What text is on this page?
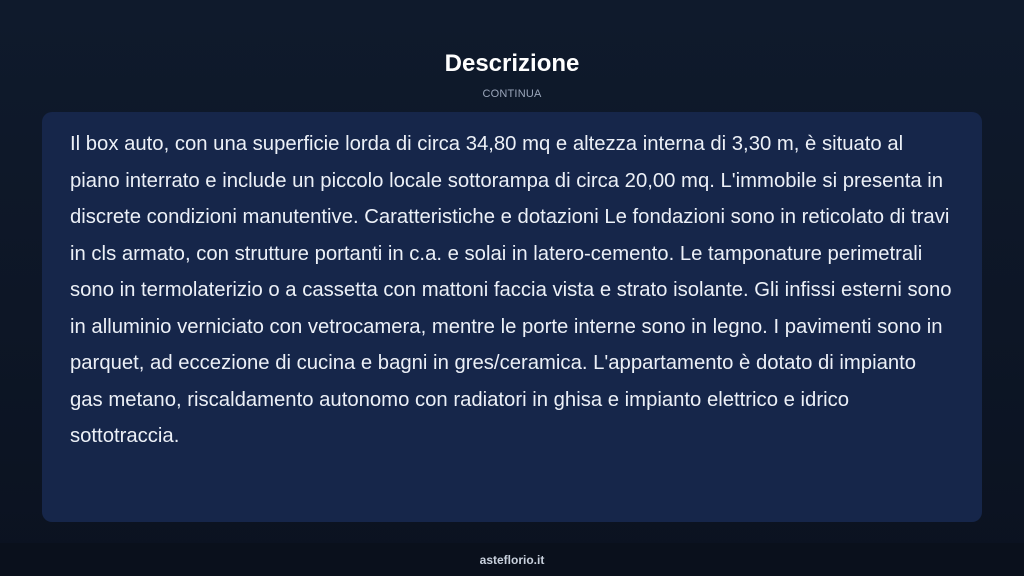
Descrizione
CONTINUA

Il box auto, con una superficie lorda di circa 34,80 mq e altezza interna di 3,30 m, è situato al piano interrato e include un piccolo locale sottorampa di circa 20,00 mq. L'immobile si presenta in discrete condizioni manutentive. Caratteristiche e dotazioni Le fondazioni sono in reticolato di travi in cls armato, con strutture portanti in c.a. e solai in latero-cemento. Le tamponature perimetrali sono in termolaterizio o a cassetta con mattoni faccia vista e strato isolante. Gli infissi esterni sono in alluminio verniciato con vetrocamera, mentre le porte interne sono in legno. I pavimenti sono in parquet, ad eccezione di cucina e bagni in gres/ceramica. L'appartamento è dotato di impianto gas metano, riscaldamento autonomo con radiatori in ghisa e impianto elettrico e idrico sottotraccia.

asteflorio.it
